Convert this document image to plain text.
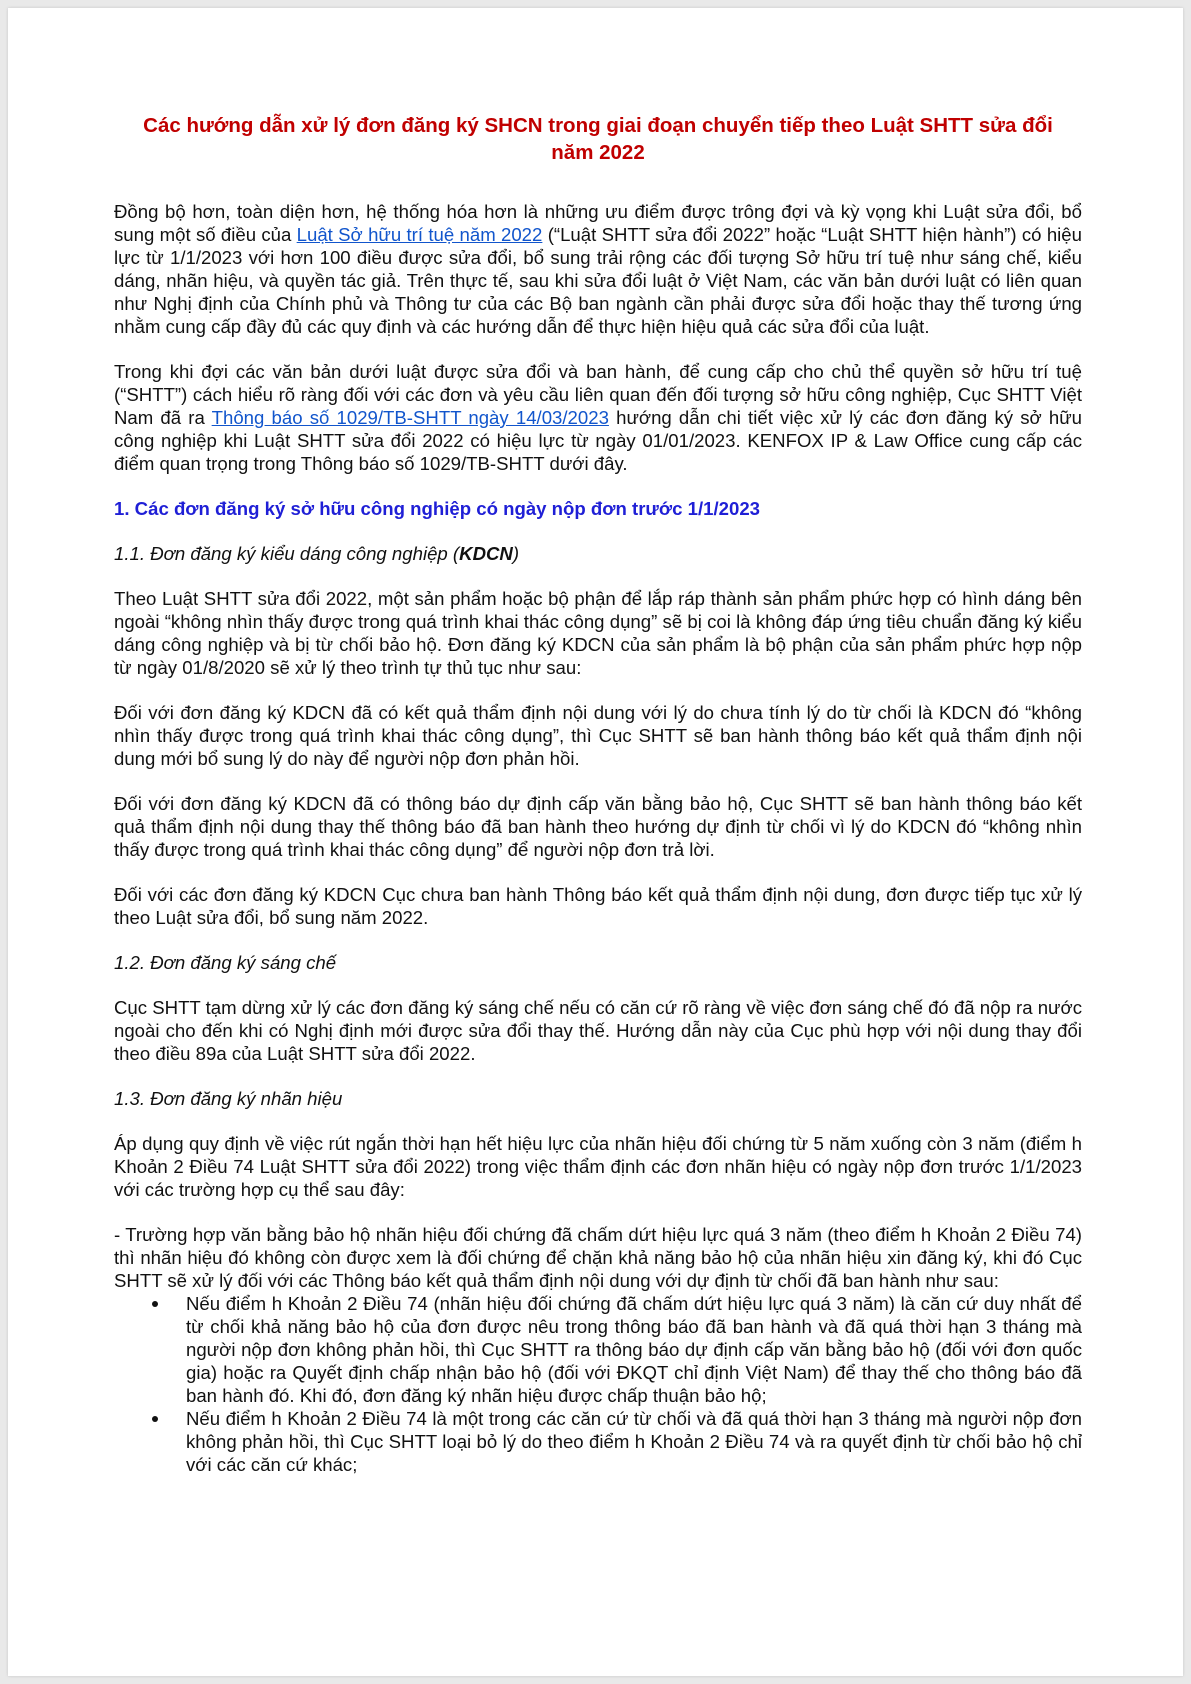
Các hướng dẫn xử lý đơn đăng ký SHCN trong giai đoạn chuyển tiếp theo Luật SHTT sửa đổi năm 2022

Đồng bộ hơn, toàn diện hơn, hệ thống hóa hơn là những ưu điểm được trông đợi và kỳ vọng khi Luật sửa đổi, bổ sung một số điều của Luật Sở hữu trí tuệ năm 2022 (“Luật SHTT sửa đổi 2022” hoặc “Luật SHTT hiện hành”) có hiệu lực từ 1/1/2023 với hơn 100 điều được sửa đổi, bổ sung trải rộng các đối tượng Sở hữu trí tuệ như sáng chế, kiểu dáng, nhãn hiệu, và quyền tác giả. Trên thực tế, sau khi sửa đổi luật ở Việt Nam, các văn bản dưới luật có liên quan như Nghị định của Chính phủ và Thông tư của các Bộ ban ngành cần phải được sửa đổi hoặc thay thế tương ứng nhằm cung cấp đầy đủ các quy định và các hướng dẫn để thực hiện hiệu quả các sửa đổi của luật.

Trong khi đợi các văn bản dưới luật được sửa đổi và ban hành, để cung cấp cho chủ thể quyền sở hữu trí tuệ (“SHTT”) cách hiểu rõ ràng đối với các đơn và yêu cầu liên quan đến đối tượng sở hữu công nghiệp, Cục SHTT Việt Nam đã ra Thông báo số 1029/TB-SHTT ngày 14/03/2023 hướng dẫn chi tiết việc xử lý các đơn đăng ký sở hữu công nghiệp khi Luật SHTT sửa đổi 2022 có hiệu lực từ ngày 01/01/2023. KENFOX IP & Law Office cung cấp các điểm quan trọng trong Thông báo số 1029/TB-SHTT dưới đây.

1. Các đơn đăng ký sở hữu công nghiệp có ngày nộp đơn trước 1/1/2023
1.1. Đơn đăng ký kiểu dáng công nghiệp (KDCN)

Theo Luật SHTT sửa đổi 2022, một sản phẩm hoặc bộ phận để lắp ráp thành sản phẩm phức hợp có hình dáng bên ngoài “không nhìn thấy được trong quá trình khai thác công dụng” sẽ bị coi là không đáp ứng tiêu chuẩn đăng ký kiểu dáng công nghiệp và bị từ chối bảo hộ. Đơn đăng ký KDCN của sản phẩm là bộ phận của sản phẩm phức hợp nộp từ ngày 01/8/2020 sẽ xử lý theo trình tự thủ tục như sau:

Đối với đơn đăng ký KDCN đã có kết quả thẩm định nội dung với lý do chưa tính lý do từ chối là KDCN đó “không nhìn thấy được trong quá trình khai thác công dụng”, thì Cục SHTT sẽ ban hành thông báo kết quả thẩm định nội dung mới bổ sung lý do này để người nộp đơn phản hồi.

Đối với đơn đăng ký KDCN đã có thông báo dự định cấp văn bằng bảo hộ, Cục SHTT sẽ ban hành thông báo kết quả thẩm định nội dung thay thế thông báo đã ban hành theo hướng dự định từ chối vì lý do KDCN đó “không nhìn thấy được trong quá trình khai thác công dụng” để người nộp đơn trả lời.

Đối với các đơn đăng ký KDCN Cục chưa ban hành Thông báo kết quả thẩm định nội dung, đơn được tiếp tục xử lý theo Luật sửa đổi, bổ sung năm 2022.

1.2. Đơn đăng ký sáng chế

Cục SHTT tạm dừng xử lý các đơn đăng ký sáng chế nếu có căn cứ rõ ràng về việc đơn sáng chế đó đã nộp ra nước ngoài cho đến khi có Nghị định mới được sửa đổi thay thế. Hướng dẫn này của Cục phù hợp với nội dung thay đổi theo điều 89a của Luật SHTT sửa đổi 2022.

1.3. Đơn đăng ký nhãn hiệu

Áp dụng quy định về việc rút ngắn thời hạn hết hiệu lực của nhãn hiệu đối chứng từ 5 năm xuống còn 3 năm (điểm h Khoản 2 Điều 74 Luật SHTT sửa đổi 2022) trong việc thẩm định các đơn nhãn hiệu có ngày nộp đơn trước 1/1/2023 với các trường hợp cụ thể sau đây:

- Trường hợp văn bằng bảo hộ nhãn hiệu đối chứng đã chấm dứt hiệu lực quá 3 năm (theo điểm h Khoản 2 Điều 74) thì nhãn hiệu đó không còn được xem là đối chứng để chặn khả năng bảo hộ của nhãn hiệu xin đăng ký, khi đó Cục SHTT sẽ xử lý đối với các Thông báo kết quả thẩm định nội dung với dự định từ chối đã ban hành như sau:

Nếu điểm h Khoản 2 Điều 74 (nhãn hiệu đối chứng đã chấm dứt hiệu lực quá 3 năm) là căn cứ duy nhất để từ chối khả năng bảo hộ của đơn được nêu trong thông báo đã ban hành và đã quá thời hạn 3 tháng mà người nộp đơn không phản hồi, thì Cục SHTT ra thông báo dự định cấp văn bằng bảo hộ (đối với đơn quốc gia) hoặc ra Quyết định chấp nhận bảo hộ (đối với ĐKQT chỉ định Việt Nam) để thay thế cho thông báo đã ban hành đó. Khi đó, đơn đăng ký nhãn hiệu được chấp thuận bảo hộ;
Nếu điểm h Khoản 2 Điều 74 là một trong các căn cứ từ chối và đã quá thời hạn 3 tháng mà người nộp đơn không phản hồi, thì Cục SHTT loại bỏ lý do theo điểm h Khoản 2 Điều 74 và ra quyết định từ chối bảo hộ chỉ với các căn cứ khác;
